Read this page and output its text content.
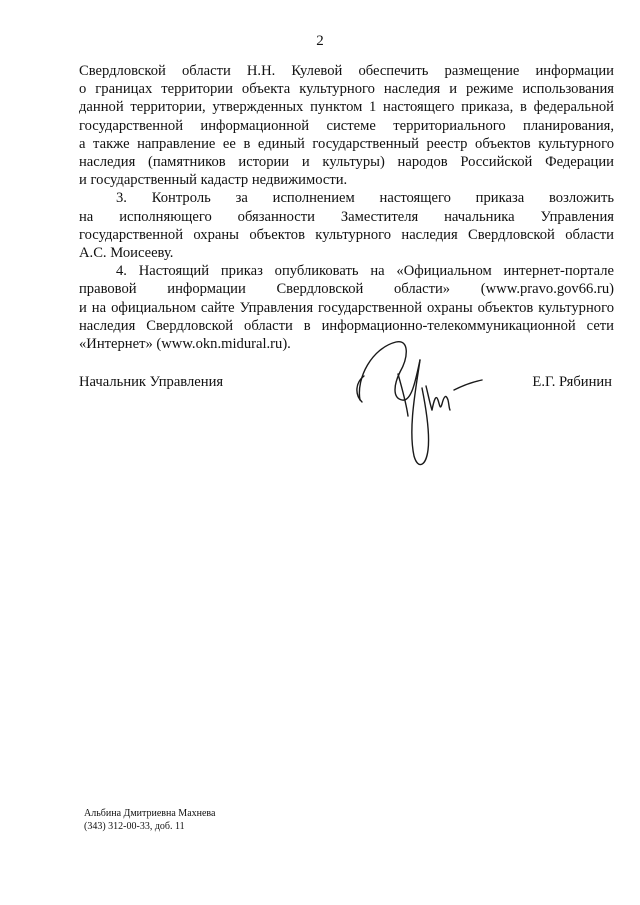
2
Свердловской области Н.Н. Кулевой обеспечить размещение информации
о границах территории объекта культурного наследия и режиме использования
данной территории, утвержденных пунктом 1 настоящего приказа, в федеральной
государственной информационной системе территориального планирования,
а также направление ее в единый государственный реестр объектов культурного
наследия (памятников истории и культуры) народов Российской Федерации
и государственный кадастр недвижимости.
3. Контроль за исполнением настоящего приказа возложить
на исполняющего обязанности Заместителя начальника Управления
государственной охраны объектов культурного наследия Свердловской области
А.С. Моисееву.
4. Настоящий приказ опубликовать на «Официальном интернет-портале
правовой информации Свердловской области» (www.pravo.gov66.ru)
и на официальном сайте Управления государственной охраны объектов культурного
наследия Свердловской области в информационно-телекоммуникационной сети
«Интернет» (www.okn.midural.ru).
Начальник Управления	Е.Г. Рябинин
Альбина Дмитриевна Махнева
(343) 312-00-33, доб. 11
